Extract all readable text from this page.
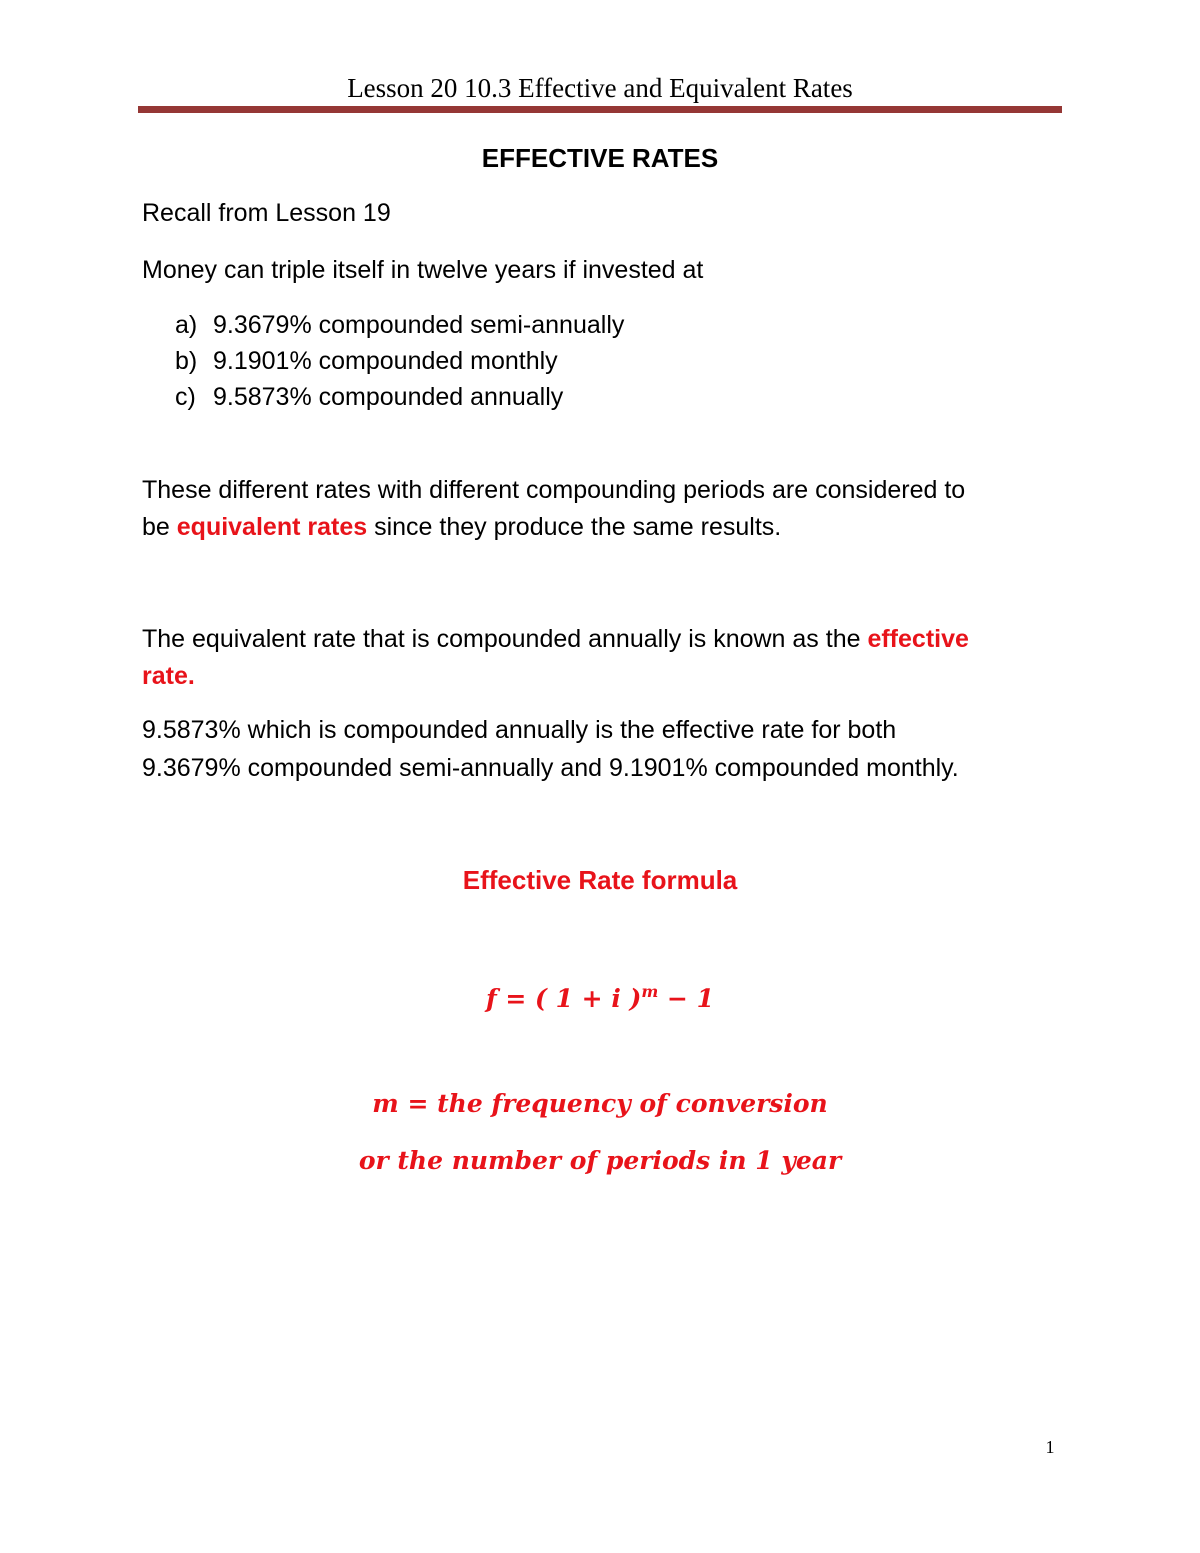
Lesson 20 10.3 Effective and Equivalent Rates
EFFECTIVE RATES
Recall from Lesson 19
Money can triple itself in twelve years if invested at
a) 9.3679% compounded semi-annually
b) 9.1901% compounded monthly
c) 9.5873% compounded annually
These different rates with different compounding periods are considered to
be equivalent rates since they produce the same results.
The equivalent rate that is compounded annually is known as the effective
rate.
9.5873% which is compounded annually is the effective rate for both
9.3679% compounded semi-annually and 9.1901% compounded monthly.
Effective Rate formula
f = ( 1 + i )$^m$ − 1
m = the frequency of conversion
or the number of periods in 1 year
1
